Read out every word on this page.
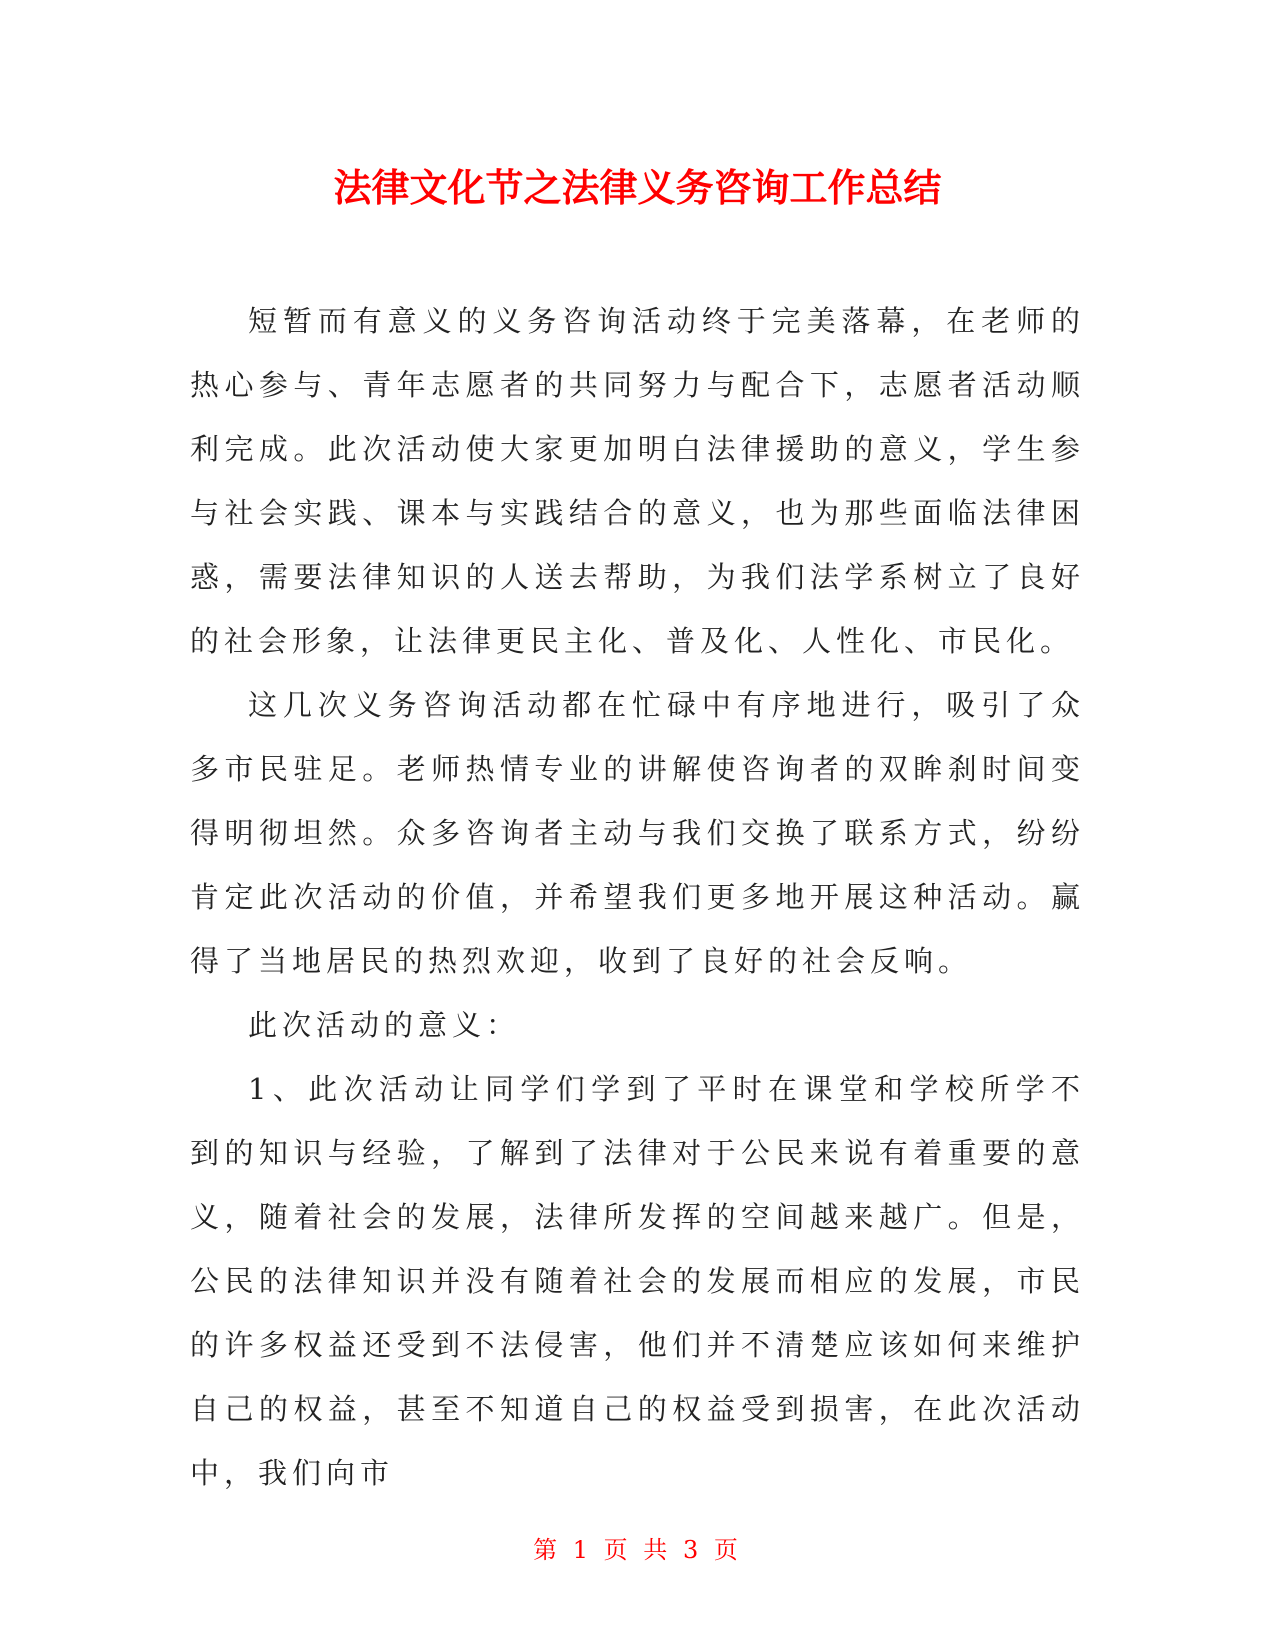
法律文化节之法律义务咨询工作总结

短暂而有意义的义务咨询活动终于完美落幕，在老师的热心参与、青年志愿者的共同努力与配合下，志愿者活动顺利完成。此次活动使大家更加明白法律援助的意义，学生参与社会实践、课本与实践结合的意义，也为那些面临法律困惑，需要法律知识的人送去帮助，为我们法学系树立了良好的社会形象，让法律更民主化、普及化、人性化、市民化。

这几次义务咨询活动都在忙碌中有序地进行，吸引了众多市民驻足。老师热情专业的讲解使咨询者的双眸刹时间变得明彻坦然。众多咨询者主动与我们交换了联系方式，纷纷肯定此次活动的价值，并希望我们更多地开展这种活动。赢得了当地居民的热烈欢迎，收到了良好的社会反响。

此次活动的意义：

1、此次活动让同学们学到了平时在课堂和学校所学不到的知识与经验，了解到了法律对于公民来说有着重要的意义，随着社会的发展，法律所发挥的空间越来越广。但是，公民的法律知识并没有随着社会的发展而相应的发展，市民的许多权益还受到不法侵害，他们并不清楚应该如何来维护自己的权益，甚至不知道自己的权益受到损害，在此次活动中，我们向市

第 1 页 共 3 页
